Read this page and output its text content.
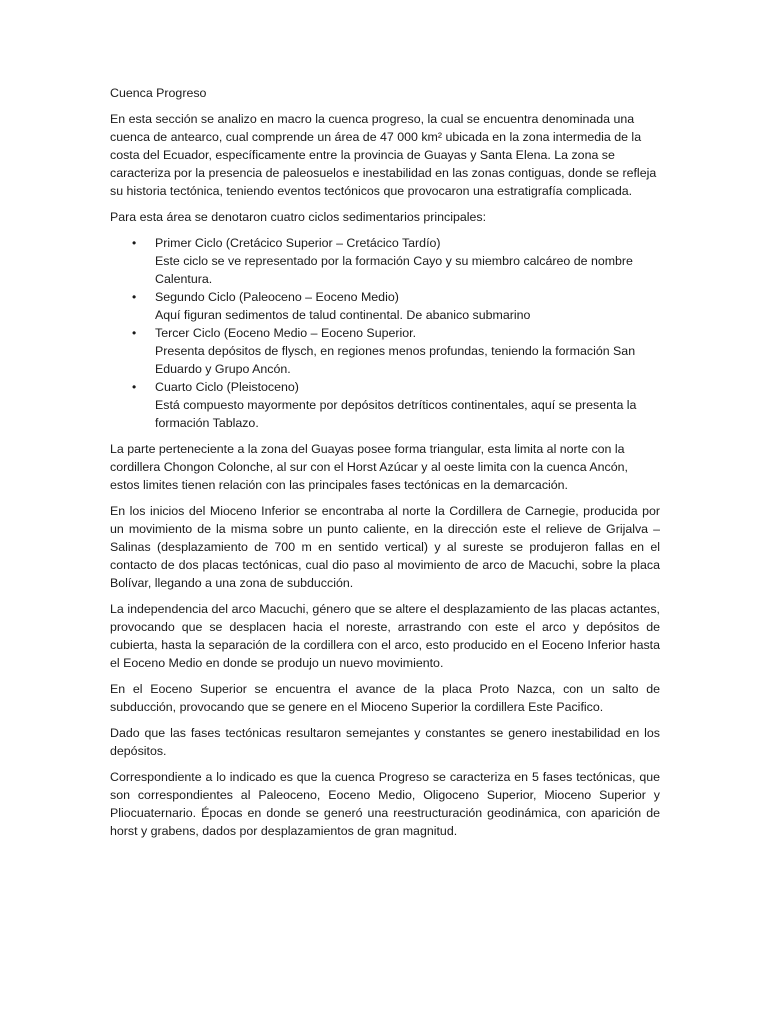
Cuenca Progreso

En esta sección se analizo en macro la cuenca progreso, la cual se encuentra denominada una cuenca de antearco, cual comprende un área de 47 000 km² ubicada en la zona intermedia de la costa del Ecuador, específicamente entre la provincia de Guayas y Santa Elena. La zona se caracteriza por la presencia de paleosuelos e inestabilidad en las zonas contiguas, donde se refleja su historia tectónica, teniendo eventos tectónicos que provocaron una estratigrafía complicada.

Para esta área se denotaron cuatro ciclos sedimentarios principales:

• Primer Ciclo (Cretácico Superior – Cretácico Tardío)
Este ciclo se ve representado por la formación Cayo y su miembro calcáreo de nombre Calentura.
• Segundo Ciclo (Paleoceno – Eoceno Medio)
Aquí figuran sedimentos de talud continental. De abanico submarino
• Tercer Ciclo (Eoceno Medio – Eoceno Superior.
Presenta depósitos de flysch, en regiones menos profundas, teniendo la formación San Eduardo y Grupo Ancón.
• Cuarto Ciclo (Pleistoceno)
Está compuesto mayormente por depósitos detríticos continentales, aquí se presenta la formación Tablazo.

La parte perteneciente a la zona del Guayas posee forma triangular, esta limita al norte con la cordillera Chongon Colonche, al sur con el Horst Azúcar y al oeste limita con la cuenca Ancón, estos limites tienen relación con las principales fases tectónicas en la demarcación.

En los inicios del Mioceno Inferior se encontraba al norte la Cordillera de Carnegie, producida por un movimiento de la misma sobre un punto caliente, en la dirección este el relieve de Grijalva – Salinas (desplazamiento de 700 m en sentido vertical) y al sureste se produjeron fallas en el contacto de dos placas tectónicas, cual dio paso al movimiento de arco de Macuchi, sobre la placa Bolívar, llegando a una zona de subducción.

La independencia del arco Macuchi, género que se altere el desplazamiento de las placas actantes, provocando que se desplacen hacia el noreste, arrastrando con este el arco y depósitos de cubierta, hasta la separación de la cordillera con el arco, esto producido en el Eoceno Inferior hasta el Eoceno Medio en donde se produjo un nuevo movimiento.

En el Eoceno Superior se encuentra el avance de la placa Proto Nazca, con un salto de subducción, provocando que se genere en el Mioceno Superior la cordillera Este Pacifico.

Dado que las fases tectónicas resultaron semejantes y constantes se genero inestabilidad en los depósitos.

Correspondiente a lo indicado es que la cuenca Progreso se caracteriza en 5 fases tectónicas, que son correspondientes al Paleoceno, Eoceno Medio, Oligoceno Superior, Mioceno Superior y Pliocuaternario. Épocas en donde se generó una reestructuración geodinámica, con aparición de horst y grabens, dados por desplazamientos de gran magnitud.
